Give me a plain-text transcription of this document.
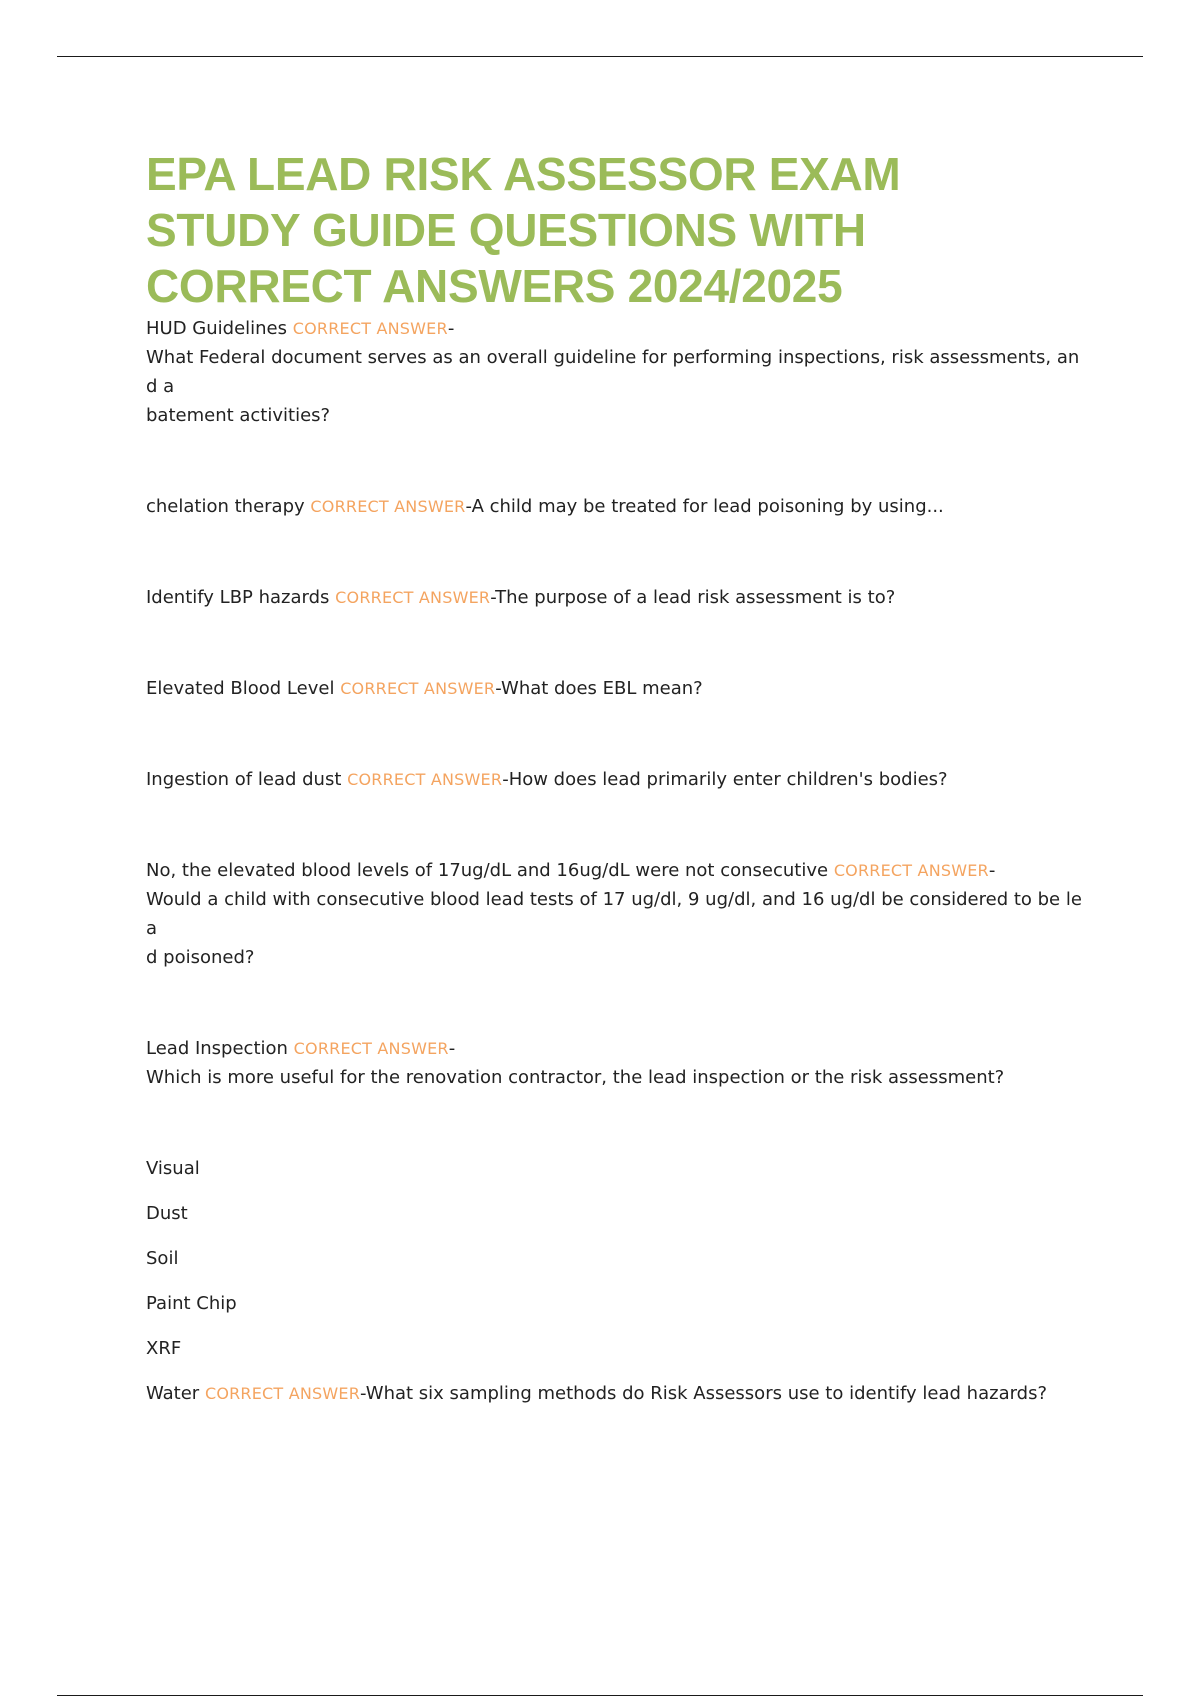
EPA LEAD RISK ASSESSOR EXAM
STUDY GUIDE QUESTIONS WITH
CORRECT ANSWERS 2024/2025
HUD Guidelines CORRECT ANSWER-
What Federal document serves as an overall guideline for performing inspections, risk assessments, and a
batement activities?
chelation therapy CORRECT ANSWER-A child may be treated for lead poisoning by using...
Identify LBP hazards CORRECT ANSWER-The purpose of a lead risk assessment is to?
Elevated Blood Level CORRECT ANSWER-What does EBL mean?
Ingestion of lead dust CORRECT ANSWER-How does lead primarily enter children's bodies?
No, the elevated blood levels of 17ug/dL and 16ug/dL were not consecutive CORRECT ANSWER-
Would a child with consecutive blood lead tests of 17 ug/dl, 9 ug/dl, and 16 ug/dl be considered to be lea
d poisoned?
Lead Inspection CORRECT ANSWER-
Which is more useful for the renovation contractor, the lead inspection or the risk assessment?
Visual
Dust
Soil
Paint Chip
XRF
Water CORRECT ANSWER-What six sampling methods do Risk Assessors use to identify lead hazards?
